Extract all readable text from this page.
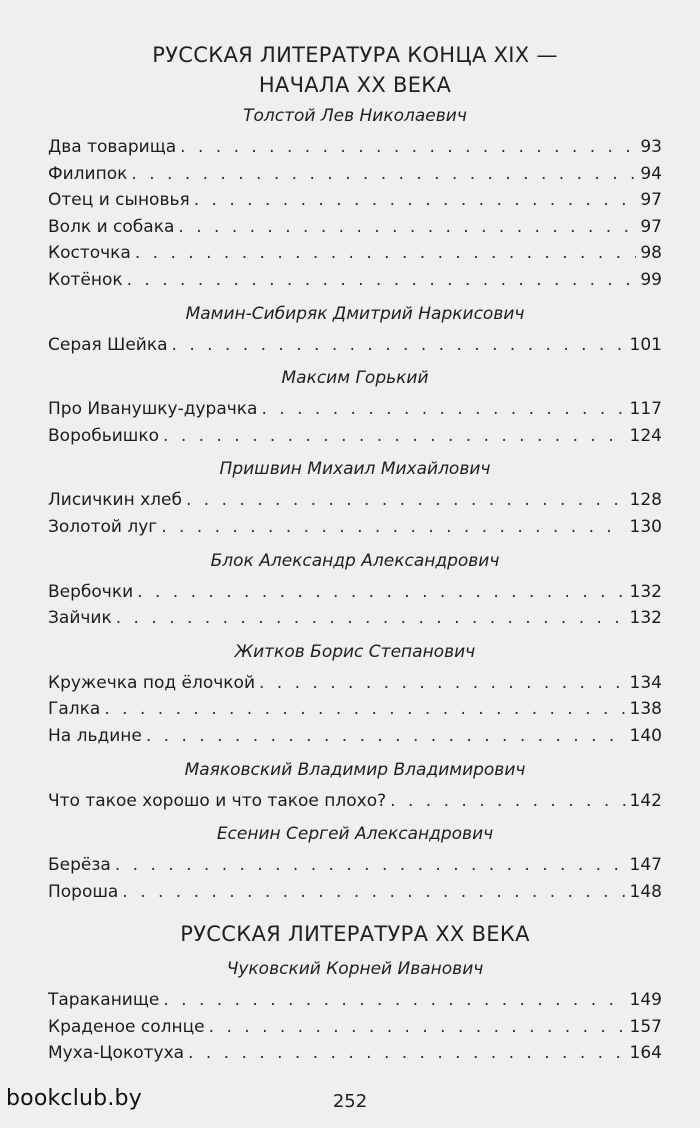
РУССКАЯ ЛИТЕРАТУРА КОНЦА XIX —
НАЧАЛА XX ВЕКА
Толстой Лев Николаевич
Два товарища . . .	93
Филипок . . .	94
Отец и сыновья . . .	97
Волк и собака . . .	97
Косточка . . .	98
Котёнок . . .	99
Мамин-Сибиряк Дмитрий Наркисович
Серая Шейка . . .	101
Максим Горький
Про Иванушку-дурачка . . .	117
Воробьишко . . .	124
Пришвин Михаил Михайлович
Лисичкин хлеб . . .	128
Золотой луг . . .	130
Блок Александр Александрович
Вербочки . . .	132
Зайчик . . .	132
Житков Борис Степанович
Кружечка под ёлочкой . . .	134
Галка . . .	138
На льдине . . .	140
Маяковский Владимир Владимирович
Что такое хорошо и что такое плохо? . . .	142
Есенин Сергей Александрович
Берёза . . .	147
Пороша . . .	148
РУССКАЯ ЛИТЕРАТУРА XX ВЕКА
Чуковский Корней Иванович
Тараканище . . .	149
Краденое солнце . . .	157
Муха-Цокотуха . . .	164
bookclub.by	252
